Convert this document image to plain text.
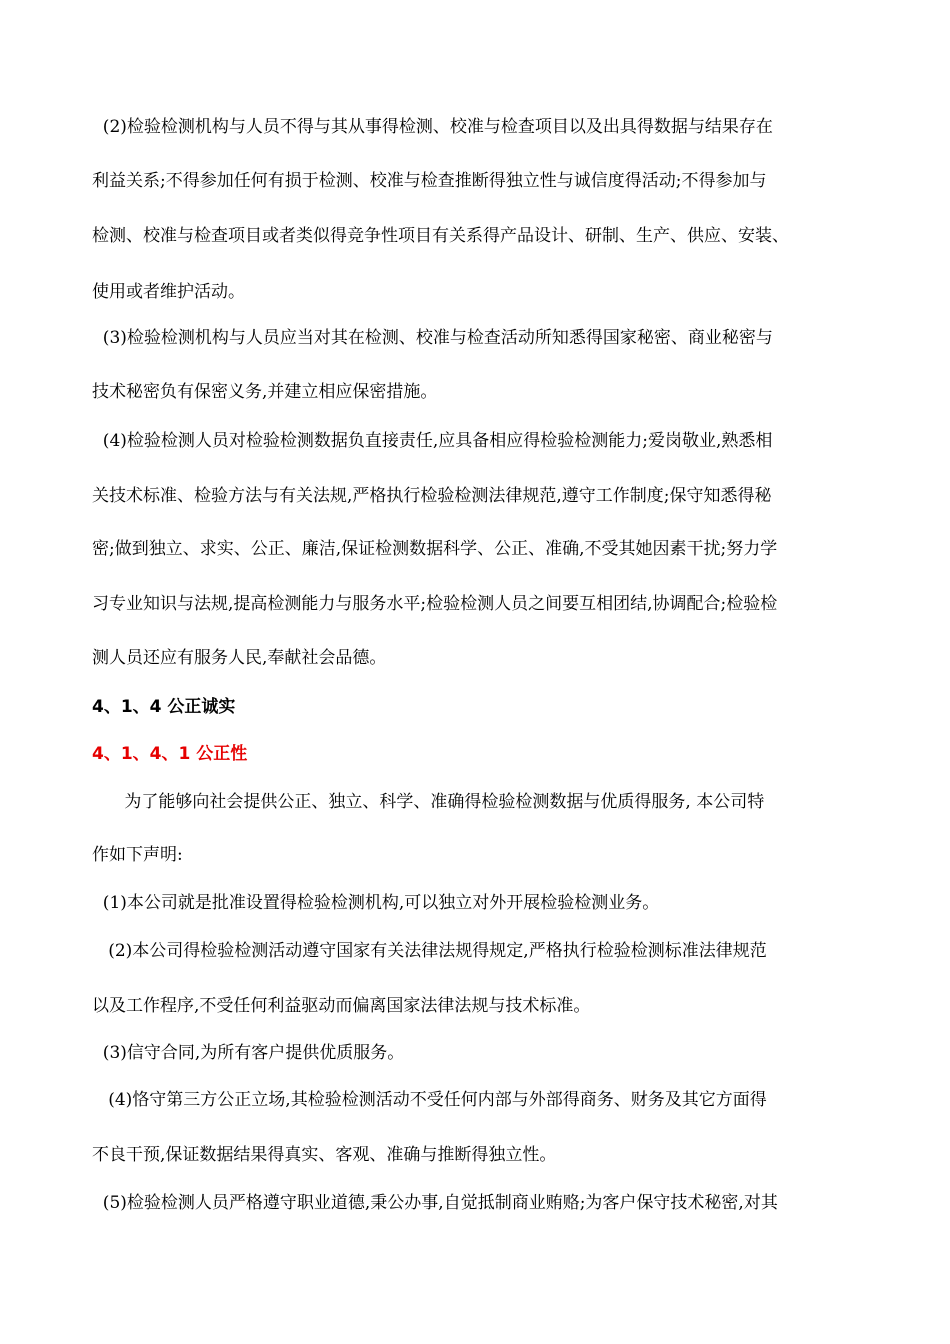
(2)检验检测机构与人员不得与其从事得检测、校准与检查项目以及出具得数据与结果存在
利益关系;不得参加任何有损于检测、校准与检查推断得独立性与诚信度得活动;不得参加与
检测、校准与检查项目或者类似得竞争性项目有关系得产品设计、研制、生产、供应、安装、
使用或者维护活动。
(3)检验检测机构与人员应当对其在检测、校准与检查活动所知悉得国家秘密、商业秘密与
技术秘密负有保密义务,并建立相应保密措施。
(4)检验检测人员对检验检测数据负直接责任,应具备相应得检验检测能力;爱岗敬业,熟悉相
关技术标准、检验方法与有关法规,严格执行检验检测法律规范,遵守工作制度;保守知悉得秘
密;做到独立、求实、公正、廉洁,保证检测数据科学、公正、准确,不受其她因素干扰;努力学
习专业知识与法规,提高检测能力与服务水平;检验检测人员之间要互相团结,协调配合;检验检
测人员还应有服务人民,奉献社会品德。
4、1、4 公正诚实
4、1、4、1 公正性
为了能够向社会提供公正、独立、科学、准确得检验检测数据与优质得服务, 本公司特
作如下声明:
(1)本公司就是批准设置得检验检测机构,可以独立对外开展检验检测业务。
(2)本公司得检验检测活动遵守国家有关法律法规得规定,严格执行检验检测标准法律规范
以及工作程序,不受任何利益驱动而偏离国家法律法规与技术标准。
(3)信守合同,为所有客户提供优质服务。
(4)恪守第三方公正立场,其检验检测活动不受任何内部与外部得商务、财务及其它方面得
不良干预,保证数据结果得真实、客观、准确与推断得独立性。
(5)检验检测人员严格遵守职业道德,秉公办事,自觉抵制商业贿赂;为客户保守技术秘密,对其
